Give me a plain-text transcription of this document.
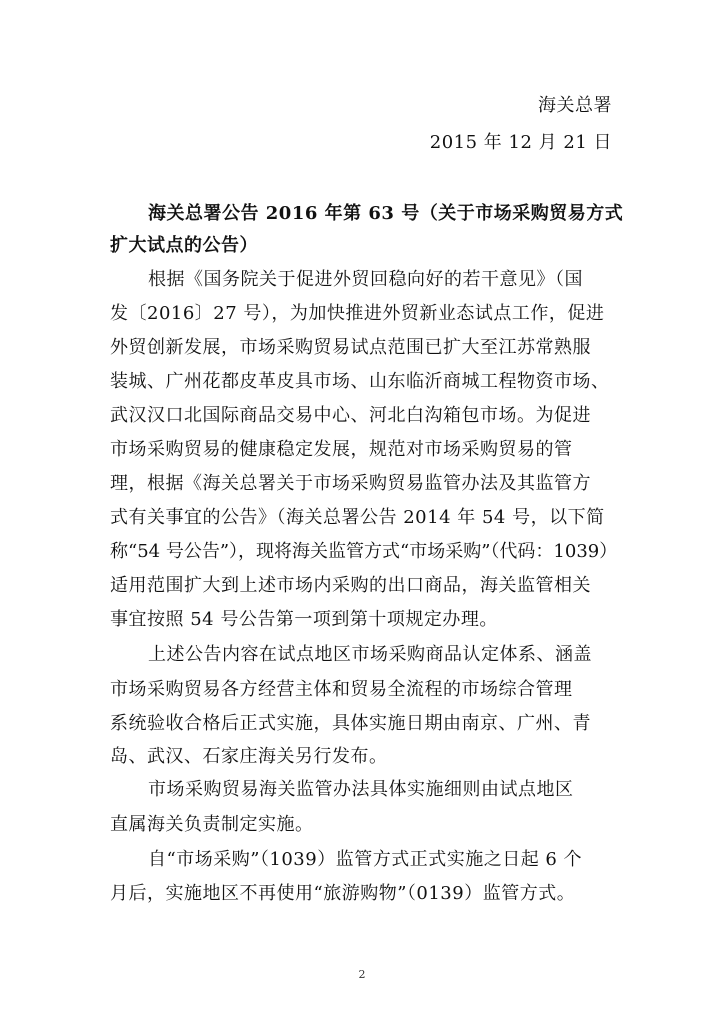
海关总署
2015 年 12 月 21 日
海关总署公告 2016 年第 63 号（关于市场采购贸易方式
扩大试点的公告）
根据《国务院关于促进外贸回稳向好的若干意见》（国
发〔2016〕27 号），为加快推进外贸新业态试点工作，促进
外贸创新发展，市场采购贸易试点范围已扩大至江苏常熟服
装城、广州花都皮革皮具市场、山东临沂商城工程物资市场、
武汉汉口北国际商品交易中心、河北白沟箱包市场。为促进
市场采购贸易的健康稳定发展，规范对市场采购贸易的管
理，根据《海关总署关于市场采购贸易监管办法及其监管方
式有关事宜的公告》（海关总署公告 2014 年 54 号，以下简
称“54 号公告”），现将海关监管方式“市场采购”（代码：1039）
适用范围扩大到上述市场内采购的出口商品，海关监管相关
事宜按照 54 号公告第一项到第十项规定办理。
上述公告内容在试点地区市场采购商品认定体系、涵盖
市场采购贸易各方经营主体和贸易全流程的市场综合管理
系统验收合格后正式实施，具体实施日期由南京、广州、青
岛、武汉、石家庄海关另行发布。
市场采购贸易海关监管办法具体实施细则由试点地区
直属海关负责制定实施。
自“市场采购”（1039）监管方式正式实施之日起 6 个
月后，实施地区不再使用“旅游购物”（0139）监管方式。
2
